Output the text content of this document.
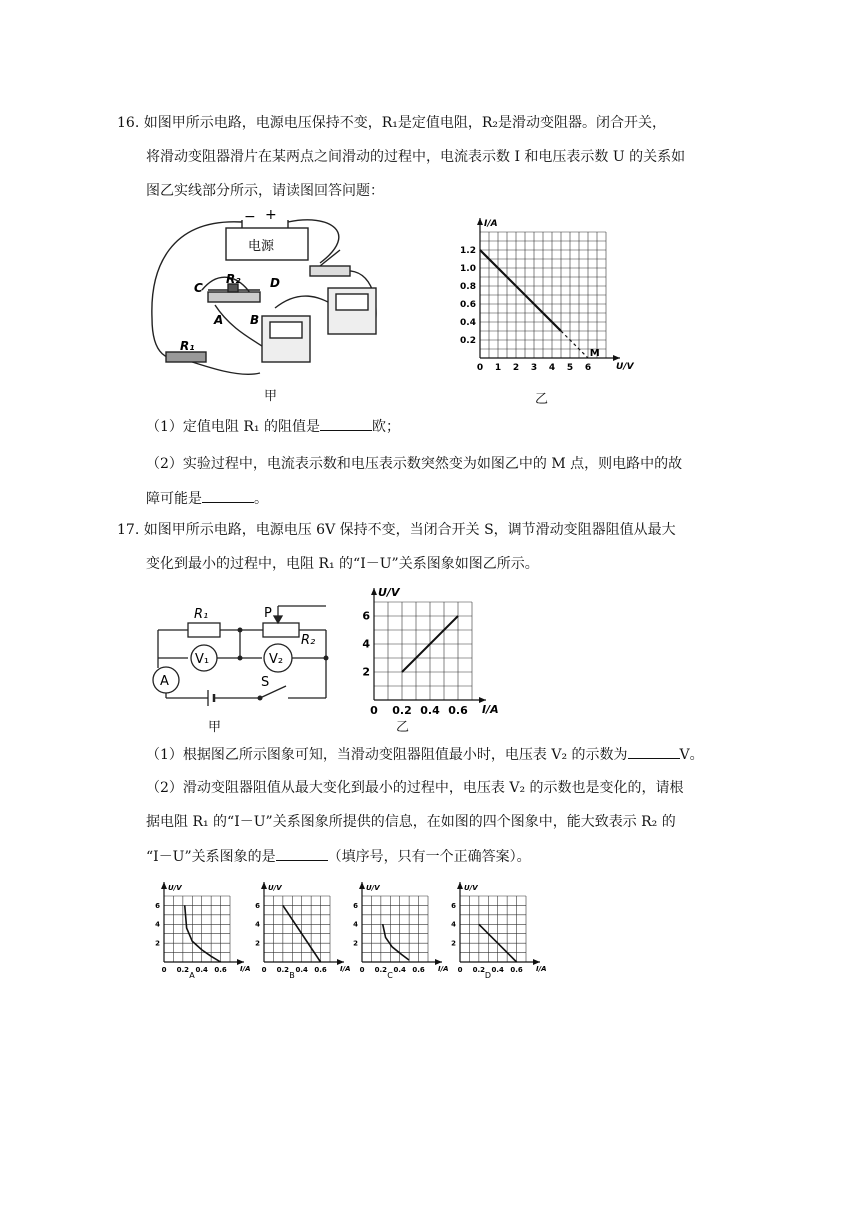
16. 如图甲所示电路，电源电压保持不变，R₁是定值电阻，R₂是滑动变阻器。闭合开关，
将滑动变阻器滑片在某两点之间滑动的过程中，电流表示数 I 和电压表示数 U 的关系如
图乙实线部分所示，请读图回答问题：
− +
电源
C
R₂ D
A B
R₁
甲
0 1 2 3 4 5 6
0.2
0.4
0.6
0.8
1.0
1.2
U/V
I/A
M
乙
（1）定值电阻 R₁ 的阻值是	欧；
（2）实验过程中，电流表示数和电压表示数突然变为如图乙中的 M 点，则电路中的故
障可能是	。
17. 如图甲所示电路，电源电压 6V 保持不变，当闭合开关 S，调节滑动变阻器阻值从最大
变化到最小的过程中，电阻 R₁ 的“I－U”关系图象如图乙所示。
R₁	P
R₂
V₁	V₂
A	S
甲
0 0.2 0.4 0.6
2
4
6
I/A
U/V
乙
（1）根据图乙所示图象可知，当滑动变阻器阻值最小时，电压表 V₂ 的示数为	V。
（2）滑动变阻器阻值从最大变化到最小的过程中，电压表 V₂ 的示数也是变化的，请根
据电阻 R₁ 的“I－U”关系图象所提供的信息，在如图的四个图象中，能大致表示 R₂ 的
“I－U”关系图象的是	（填序号，只有一个正确答案）。
0 0.2 0.4 0.6
2
4
6
I/A
U/V
A
0 0.2 0.4 0.6
2
4
6
I/A
U/V
B
0 0.2 0.4 0.6
2
4
6
I/A
U/V
C
0 0.2 0.4 0.6
2
4
6
I/A
U/V
D
